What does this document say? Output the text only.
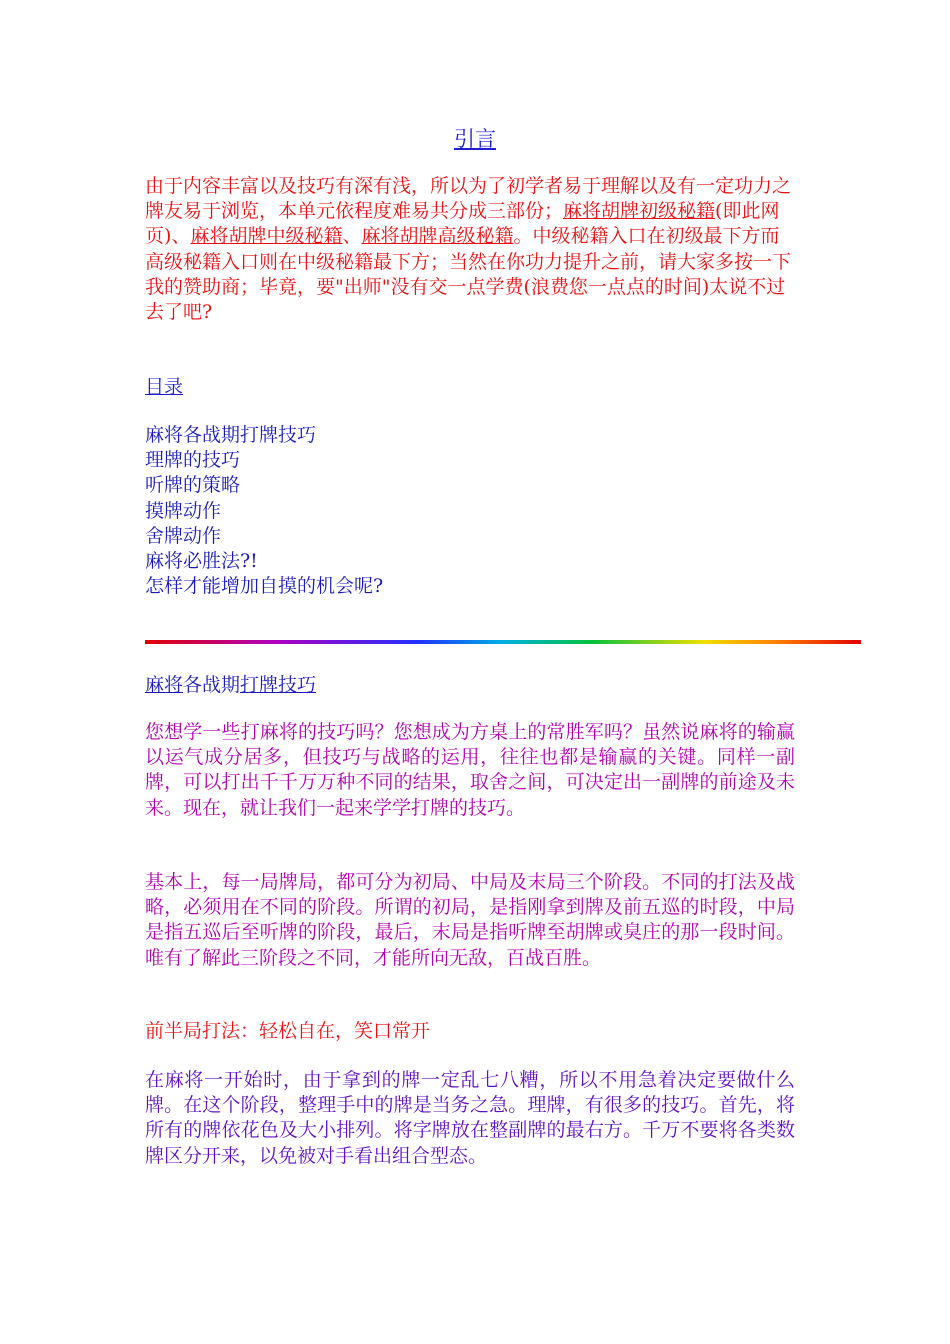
引言

由于内容丰富以及技巧有深有浅，所以为了初学者易于理解以及有一定功力之牌友易于浏览，本单元依程度难易共分成三部份；麻将胡牌初级秘籍(即此网页)、麻将胡牌中级秘籍、麻将胡牌高级秘籍。中级秘籍入口在初级最下方而高级秘籍入口则在中级秘籍最下方；当然在你功力提升之前，请大家多按一下我的赞助商；毕竟，要"出师"没有交一点学费(浪费您一点点的时间)太说不过去了吧?

目录
麻将各战期打牌技巧
理牌的技巧
听牌的策略
摸牌动作
舍牌动作
麻将必胜法?!
怎样才能增加自摸的机会呢?
麻将各战期打牌技巧

您想学一些打麻将的技巧吗？您想成为方桌上的常胜军吗？虽然说麻将的输赢以运气成分居多，但技巧与战略的运用，往往也都是输赢的关键。同样一副牌，可以打出千千万万种不同的结果，取舍之间，可决定出一副牌的前途及未来。现在，就让我们一起来学学打牌的技巧。

基本上，每一局牌局，都可分为初局、中局及末局三个阶段。不同的打法及战略，必须用在不同的阶段。所谓的初局，是指刚拿到牌及前五巡的时段，中局是指五巡后至听牌的阶段，最后，末局是指听牌至胡牌或臭庄的那一段时间。唯有了解此三阶段之不同，才能所向无敌，百战百胜。

前半局打法：轻松自在，笑口常开

在麻将一开始时，由于拿到的牌一定乱七八糟，所以不用急着决定要做什么牌。在这个阶段，整理手中的牌是当务之急。理牌，有很多的技巧。首先，将所有的牌依花色及大小排列。将字牌放在整副牌的最右方。千万不要将各类数牌区分开来，以免被对手看出组合型态。
